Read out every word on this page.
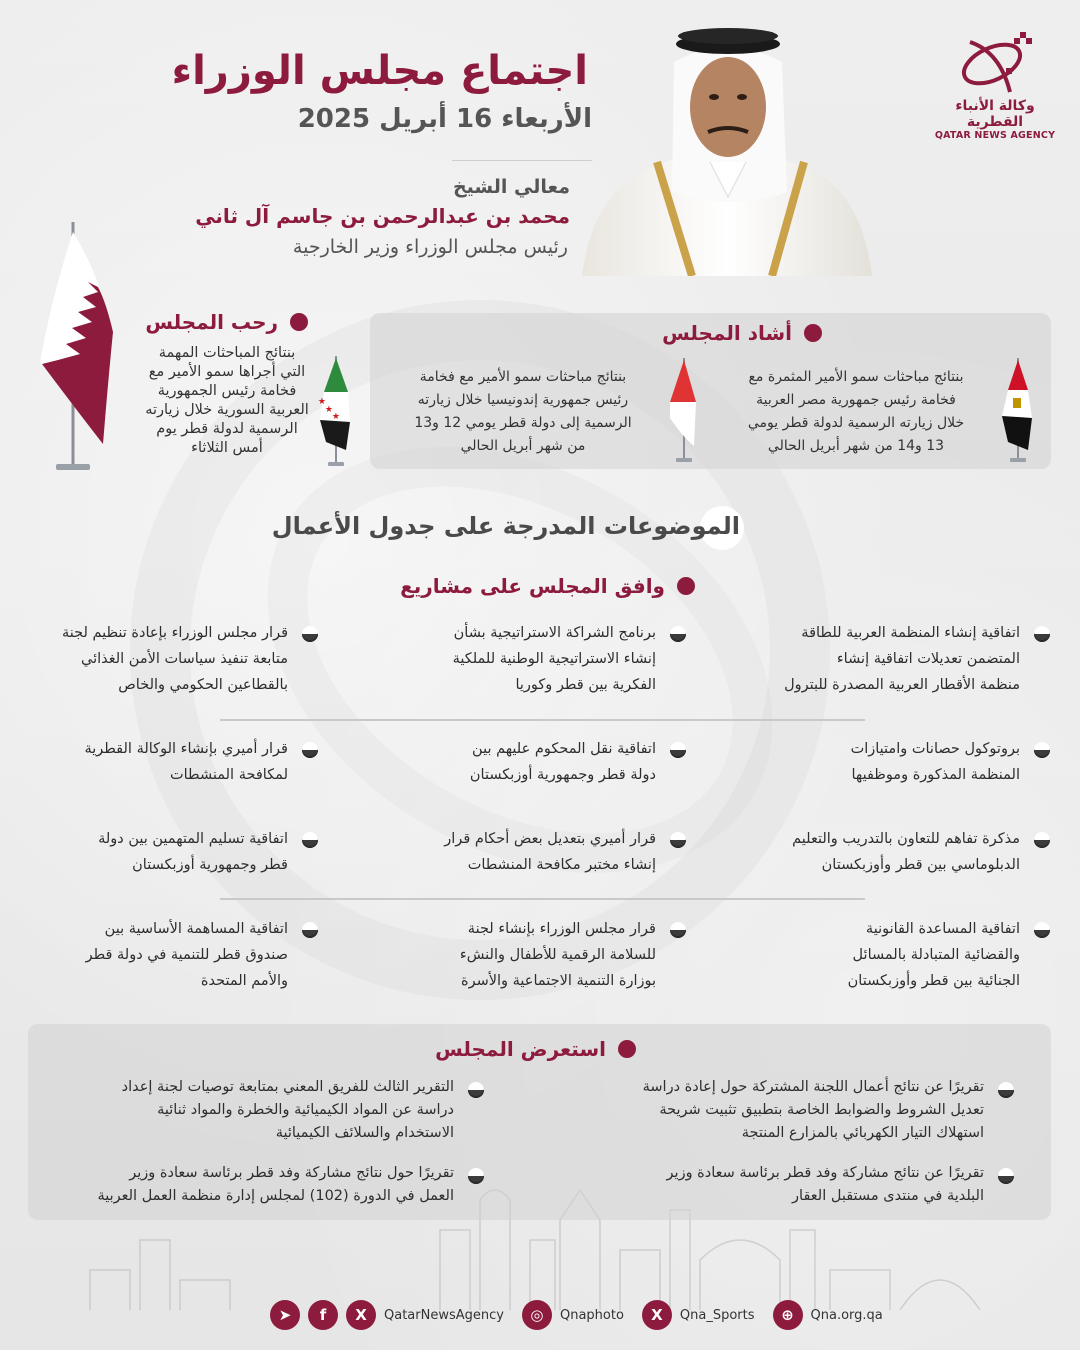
وكالة الأنباء القطرية
QATAR NEWS AGENCY
اجتماع مجلس الوزراء
الأربعاء 16 أبريل 2025
معالي الشيخ
محمد بن عبدالرحمن بن جاسم آل ثاني
رئيس مجلس الوزراء وزير الخارجية
رحب المجلس
بنتائج المباحثات المهمة
التي أجراها سمو الأمير مع
فخامة رئيس الجمهورية
العربية السورية خلال زيارته
الرسمية لدولة قطر يوم
أمس الثلاثاء
★
★
★
أشاد المجلس
بنتائج مباحثات سمو الأمير المثمرة مع
فخامة رئيس جمهورية مصر العربية
خلال زيارته الرسمية لدولة قطر يومي
13 و14 من شهر أبريل الحالي
بنتائج مباحثات سمو الأمير مع فخامة
رئيس جمهورية إندونيسيا خلال زيارته
الرسمية إلى دولة قطر يومي 12 و13
من شهر أبريل الحالي
الموضوعات المدرجة على جدول الأعمال
وافق المجلس على مشاريع
اتفاقية إنشاء المنظمة العربية للطاقة
المتضمن تعديلات اتفاقية إنشاء
منظمة الأقطار العربية المصدرة للبترول
بروتوكول حصانات وامتيازات
المنظمة المذكورة وموظفيها
مذكرة تفاهم للتعاون بالتدريب والتعليم
الدبلوماسي بين قطر وأوزبكستان
اتفاقية المساعدة القانونية
والقضائية المتبادلة بالمسائل
الجنائية بين قطر وأوزبكستان
برنامج الشراكة الاستراتيجية بشأن
إنشاء الاستراتيجية الوطنية للملكية
الفكرية بين قطر وكوريا
اتفاقية نقل المحكوم عليهم بين
دولة قطر وجمهورية أوزبكستان
قرار أميري بتعديل بعض أحكام قرار
إنشاء مختبر مكافحة المنشطات
قرار مجلس الوزراء بإنشاء لجنة
للسلامة الرقمية للأطفال والنشء
بوزارة التنمية الاجتماعية والأسرة
قرار مجلس الوزراء بإعادة تنظيم لجنة
متابعة تنفيذ سياسات الأمن الغذائي
بالقطاعين الحكومي والخاص
قرار أميري بإنشاء الوكالة القطرية
لمكافحة المنشطات
اتفاقية تسليم المتهمين بين دولة
قطر وجمهورية أوزبكستان
اتفاقية المساهمة الأساسية بين
صندوق قطر للتنمية في دولة قطر
والأمم المتحدة
استعرض المجلس
تقريرًا عن نتائج أعمال اللجنة المشتركة حول إعادة دراسة
تعديل الشروط والضوابط الخاصة بتطبيق تثبيت شريحة
استهلاك التيار الكهربائي بالمزارع المنتجة
تقريرًا عن نتائج مشاركة وفد قطر برئاسة سعادة وزير
البلدية في منتدى مستقبل العقار
التقرير الثالث للفريق المعني بمتابعة توصيات لجنة إعداد
دراسة عن المواد الكيميائية والخطرة والمواد ثنائية
الاستخدام والسلائف الكيميائية
تقريرًا حول نتائج مشاركة وفد قطر برئاسة سعادة وزير
العمل في الدورة (102) لمجلس إدارة منظمة العمل العربية
➤	f	X	QatarNewsAgency	◎	Qnaphoto	X	Qna_Sports	⊕	Qna.org.qa
